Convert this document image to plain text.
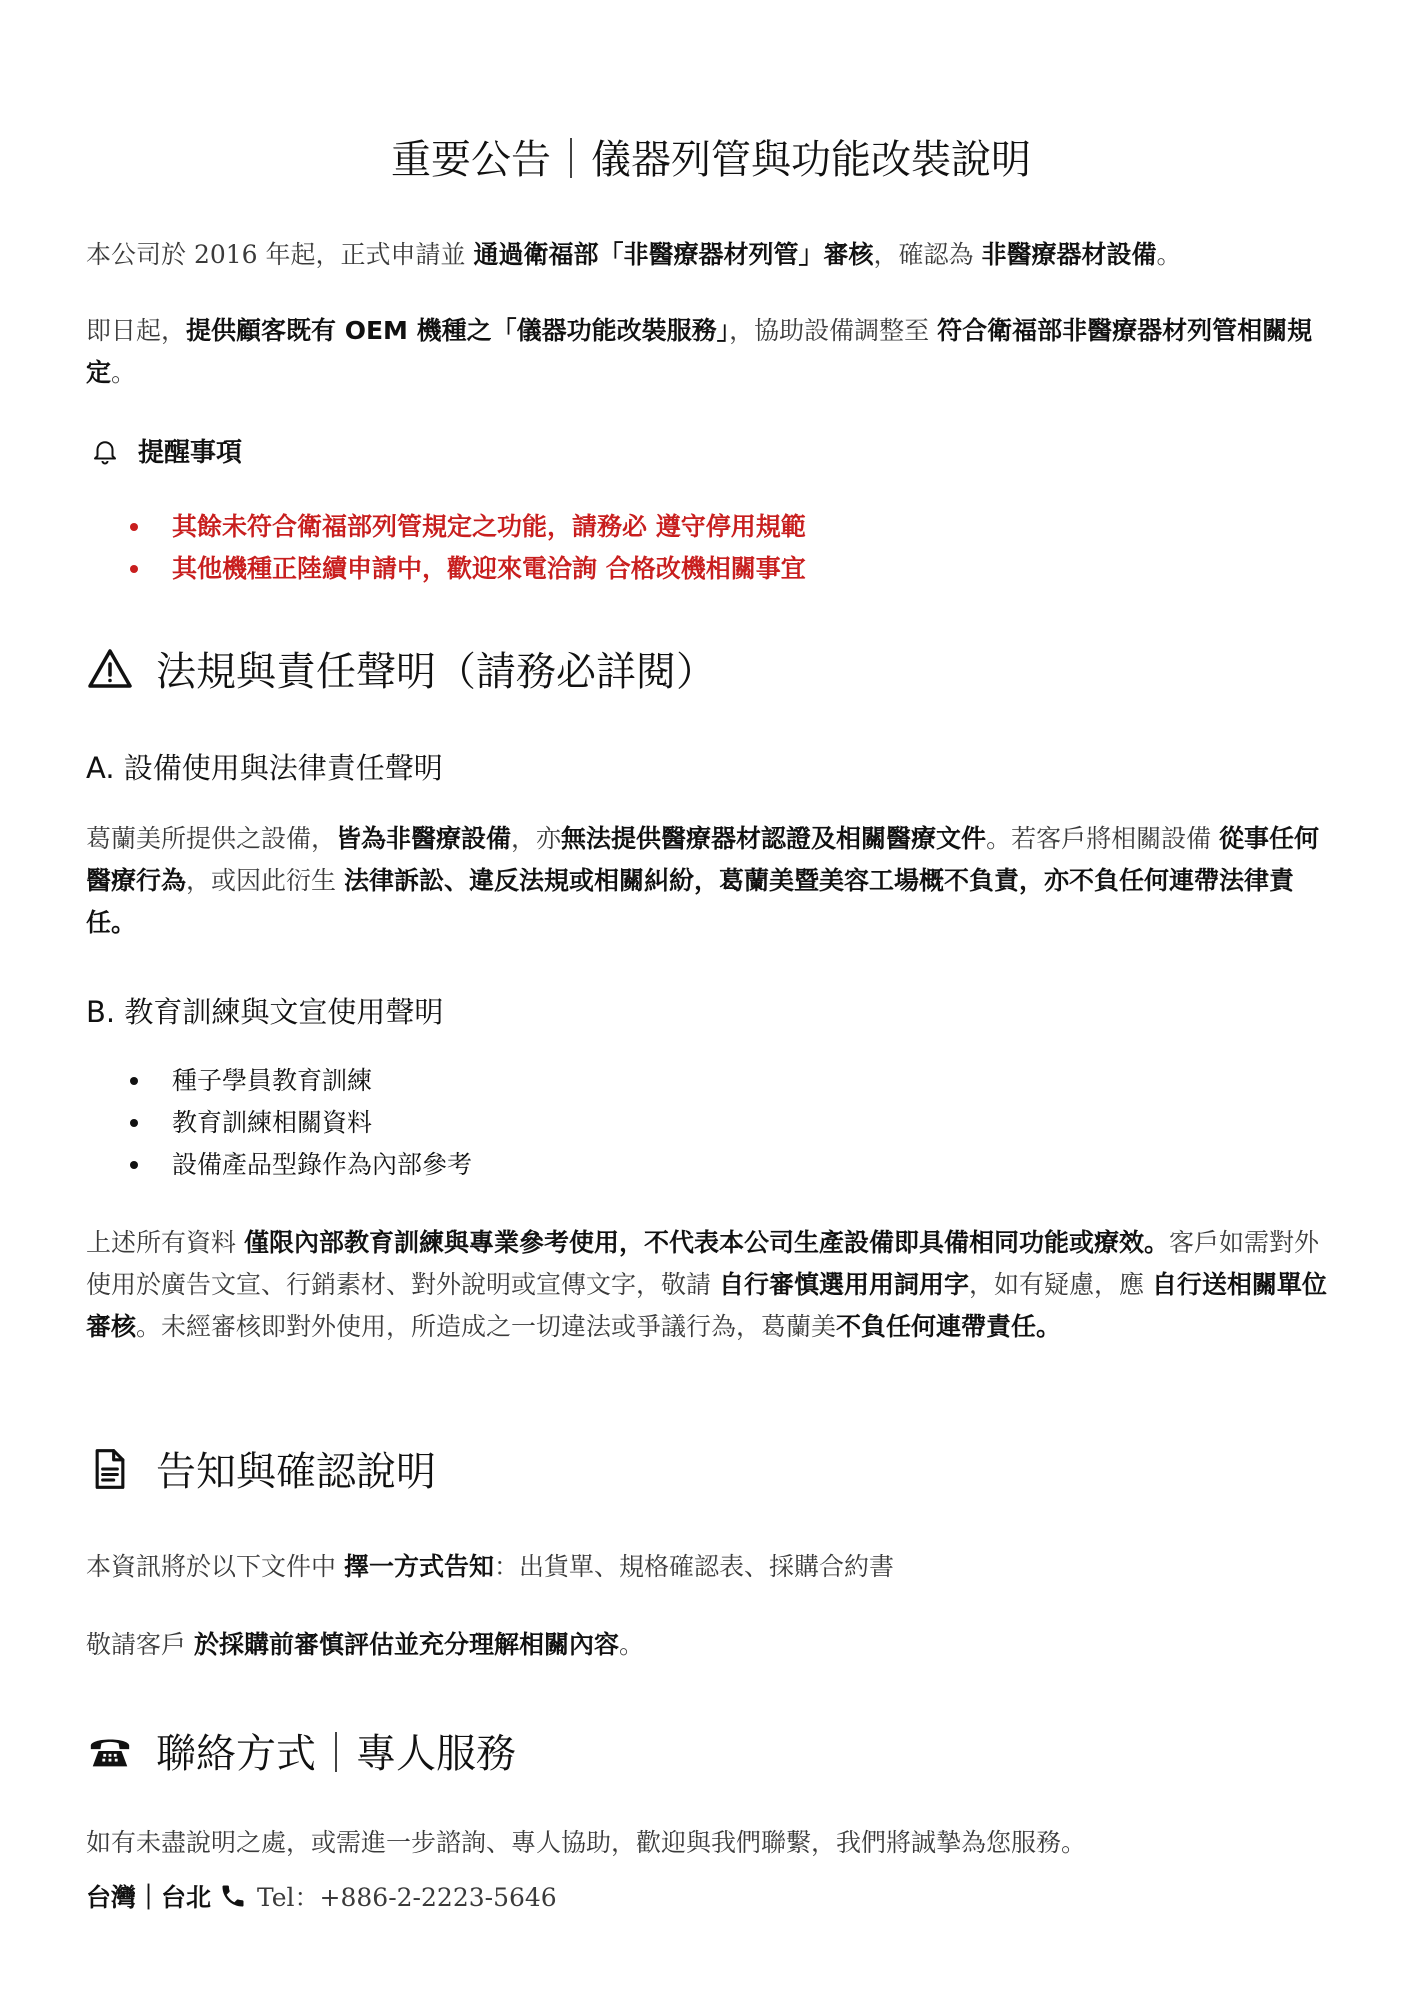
重要公告｜儀器列管與功能改裝說明

本公司於 2016 年起，正式申請並 通過衛福部「非醫療器材列管」審核，確認為 非醫療器材設備。

即日起，提供顧客既有 OEM 機種之「儀器功能改裝服務」，協助設備調整至 符合衛福部非醫療器材列管相關規定。

提醒事項
其餘未符合衛福部列管規定之功能，請務必 遵守停用規範
其他機種正陸續申請中，歡迎來電洽詢 合格改機相關事宜
法規與責任聲明（請務必詳閱）
A. 設備使用與法律責任聲明

葛蘭美所提供之設備，皆為非醫療設備，亦無法提供醫療器材認證及相關醫療文件。若客戶將相關設備 從事任何醫療行為，或因此衍生 法律訴訟、違反法規或相關糾紛，葛蘭美暨美容工場概不負責，亦不負任何連帶法律責任。

B. 教育訓練與文宣使用聲明
種子學員教育訓練
教育訓練相關資料
設備產品型錄作為內部參考

上述所有資料 僅限內部教育訓練與專業參考使用，不代表本公司生產設備即具備相同功能或療效。客戶如需對外使用於廣告文宣、行銷素材、對外說明或宣傳文字，敬請 自行審慎選用用詞用字，如有疑慮，應 自行送相關單位審核。未經審核即對外使用，所造成之一切違法或爭議行為，葛蘭美不負任何連帶責任。

告知與確認說明

本資訊將於以下文件中 擇一方式告知：出貨單、規格確認表、採購合約書

敬請客戶 於採購前審慎評估並充分理解相關內容。

聯絡方式｜專人服務

如有未盡說明之處，或需進一步諮詢、專人協助，歡迎與我們聯繫，我們將誠摯為您服務。

台灣｜台北 Tel：+886-2-2223-5646
